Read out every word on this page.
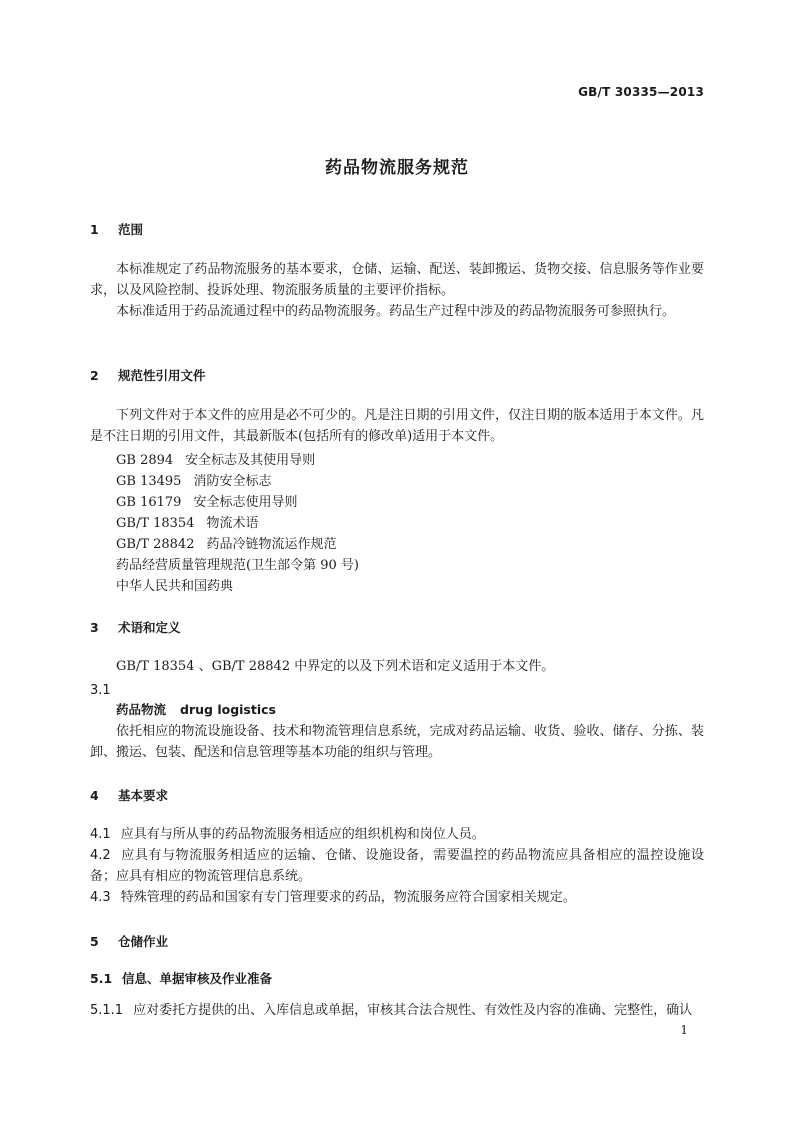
GB/T 30335—2013
药品物流服务规范
1 范围
本标准规定了药品物流服务的基本要求，仓储、运输、配送、装卸搬运、货物交接、信息服务等作业要求，以及风险控制、投诉处理、物流服务质量的主要评价指标。
本标准适用于药品流通过程中的药品物流服务。药品生产过程中涉及的药品物流服务可参照执行。
2 规范性引用文件
下列文件对于本文件的应用是必不可少的。凡是注日期的引用文件，仅注日期的版本适用于本文件。凡是不注日期的引用文件，其最新版本(包括所有的修改单)适用于本文件。
GB 2894 安全标志及其使用导则
GB 13495 消防安全标志
GB 16179 安全标志使用导则
GB/T 18354 物流术语
GB/T 28842 药品冷链物流运作规范
药品经营质量管理规范(卫生部令第 90 号)
中华人民共和国药典
3 术语和定义
GB/T 18354 、GB/T 28842 中界定的以及下列术语和定义适用于本文件。
3.1
药品物流 drug logistics
依托相应的物流设施设备、技术和物流管理信息系统，完成对药品运输、收货、验收、储存、分拣、装卸、搬运、包装、配送和信息管理等基本功能的组织与管理。
4 基本要求
4.1 应具有与所从事的药品物流服务相适应的组织机构和岗位人员。
4.2 应具有与物流服务相适应的运输、仓储、设施设备，需要温控的药品物流应具备相应的温控设施设备；应具有相应的物流管理信息系统。
4.3 特殊管理的药品和国家有专门管理要求的药品，物流服务应符合国家相关规定。
5 仓储作业
5.1 信息、单据审核及作业准备
5.1.1 应对委托方提供的出、入库信息或单据，审核其合法合规性、有效性及内容的准确、完整性，确认
1
